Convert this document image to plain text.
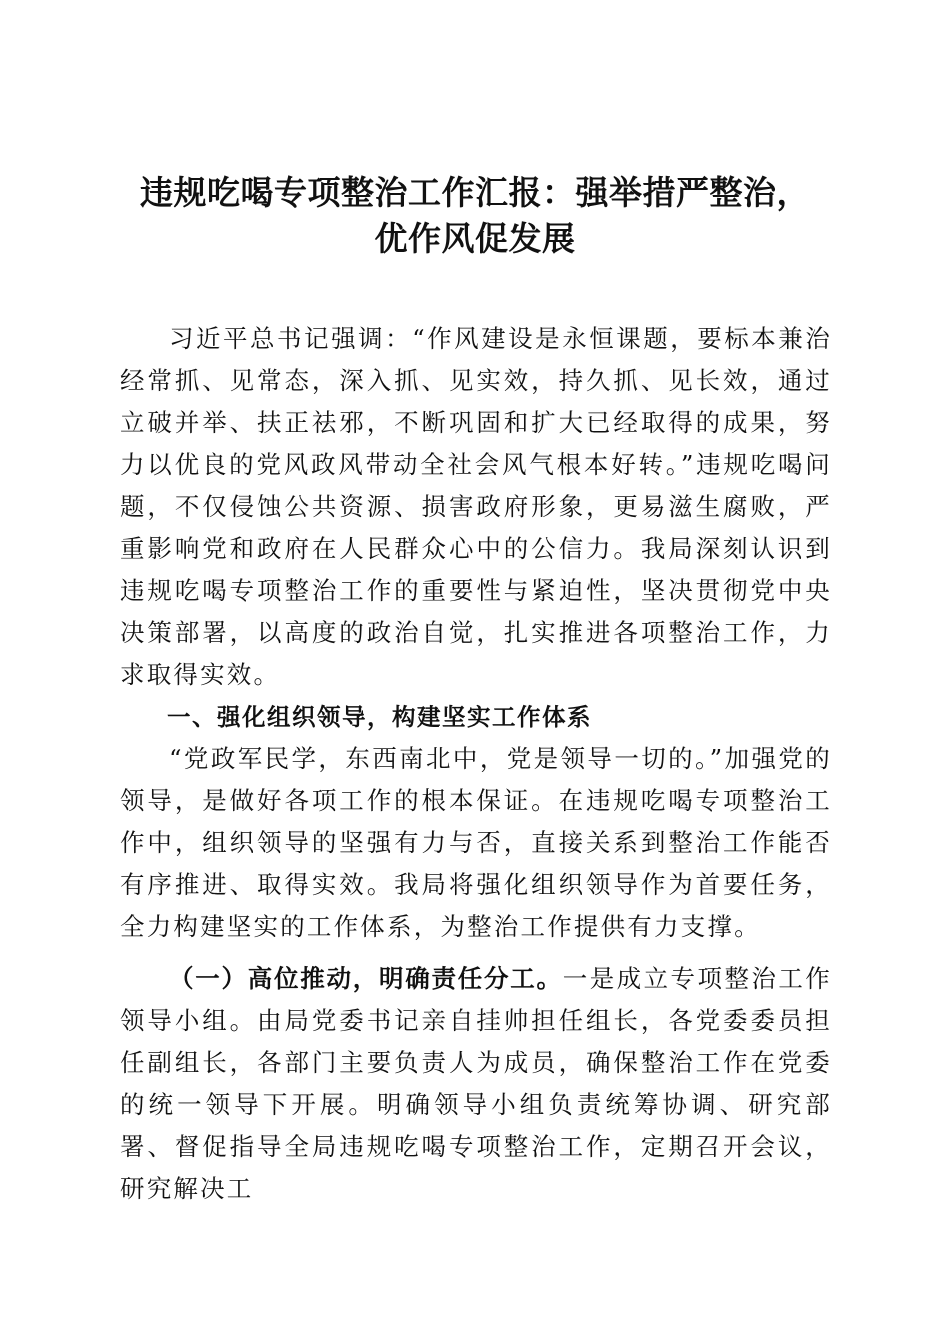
违规吃喝专项整治工作汇报：强举措严整治，
优作风促发展

习近平总书记强调：“作风建设是永恒课题，要标本兼治经常抓、见常态，深入抓、见实效，持久抓、见长效，通过立破并举、扶正祛邪，不断巩固和扩大已经取得的成果，努力以优良的党风政风带动全社会风气根本好转。”违规吃喝问题，不仅侵蚀公共资源、损害政府形象，更易滋生腐败，严重影响党和政府在人民群众心中的公信力。我局深刻认识到违规吃喝专项整治工作的重要性与紧迫性，坚决贯彻党中央决策部署，以高度的政治自觉，扎实推进各项整治工作，力求取得实效。

一、强化组织领导，构建坚实工作体系

“党政军民学，东西南北中，党是领导一切的。”加强党的领导，是做好各项工作的根本保证。在违规吃喝专项整治工作中，组织领导的坚强有力与否，直接关系到整治工作能否有序推进、取得实效。我局将强化组织领导作为首要任务，全力构建坚实的工作体系，为整治工作提供有力支撑。

（一）高位推动，明确责任分工。一是成立专项整治工作领导小组。由局党委书记亲自挂帅担任组长，各党委委员担任副组长，各部门主要负责人为成员，确保整治工作在党委的统一领导下开展。明确领导小组负责统筹协调、研究部署、督促指导全局违规吃喝专项整治工作，定期召开会议，研究解决工
